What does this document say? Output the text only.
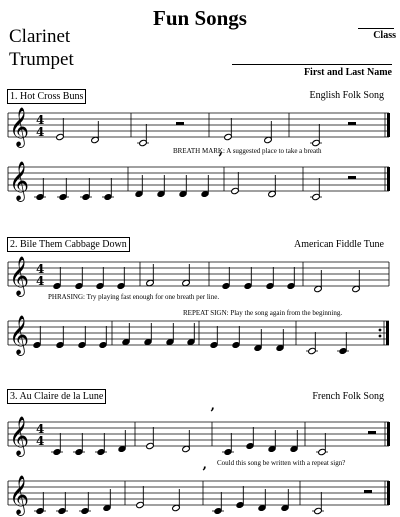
Fun Songs
Clarinet
Trumpet
Class
First and Last Name
1. Hot Cross Buns	English Folk Song
BREATH MARK: A suggested place to take a breath
2. Bile Them Cabbage Down	American Fiddle Tune
PHRASING: Try playing fast enough for one breath per line.
REPEAT SIGN: Play the song again from the beginning.
3. Au Claire de la Lune	French Folk Song
Could this song be written with a repeat sign?
𝄞 4
4
𝄞
’
𝄞 4
4
𝄞
𝄞 4
4
’
𝄞
’
